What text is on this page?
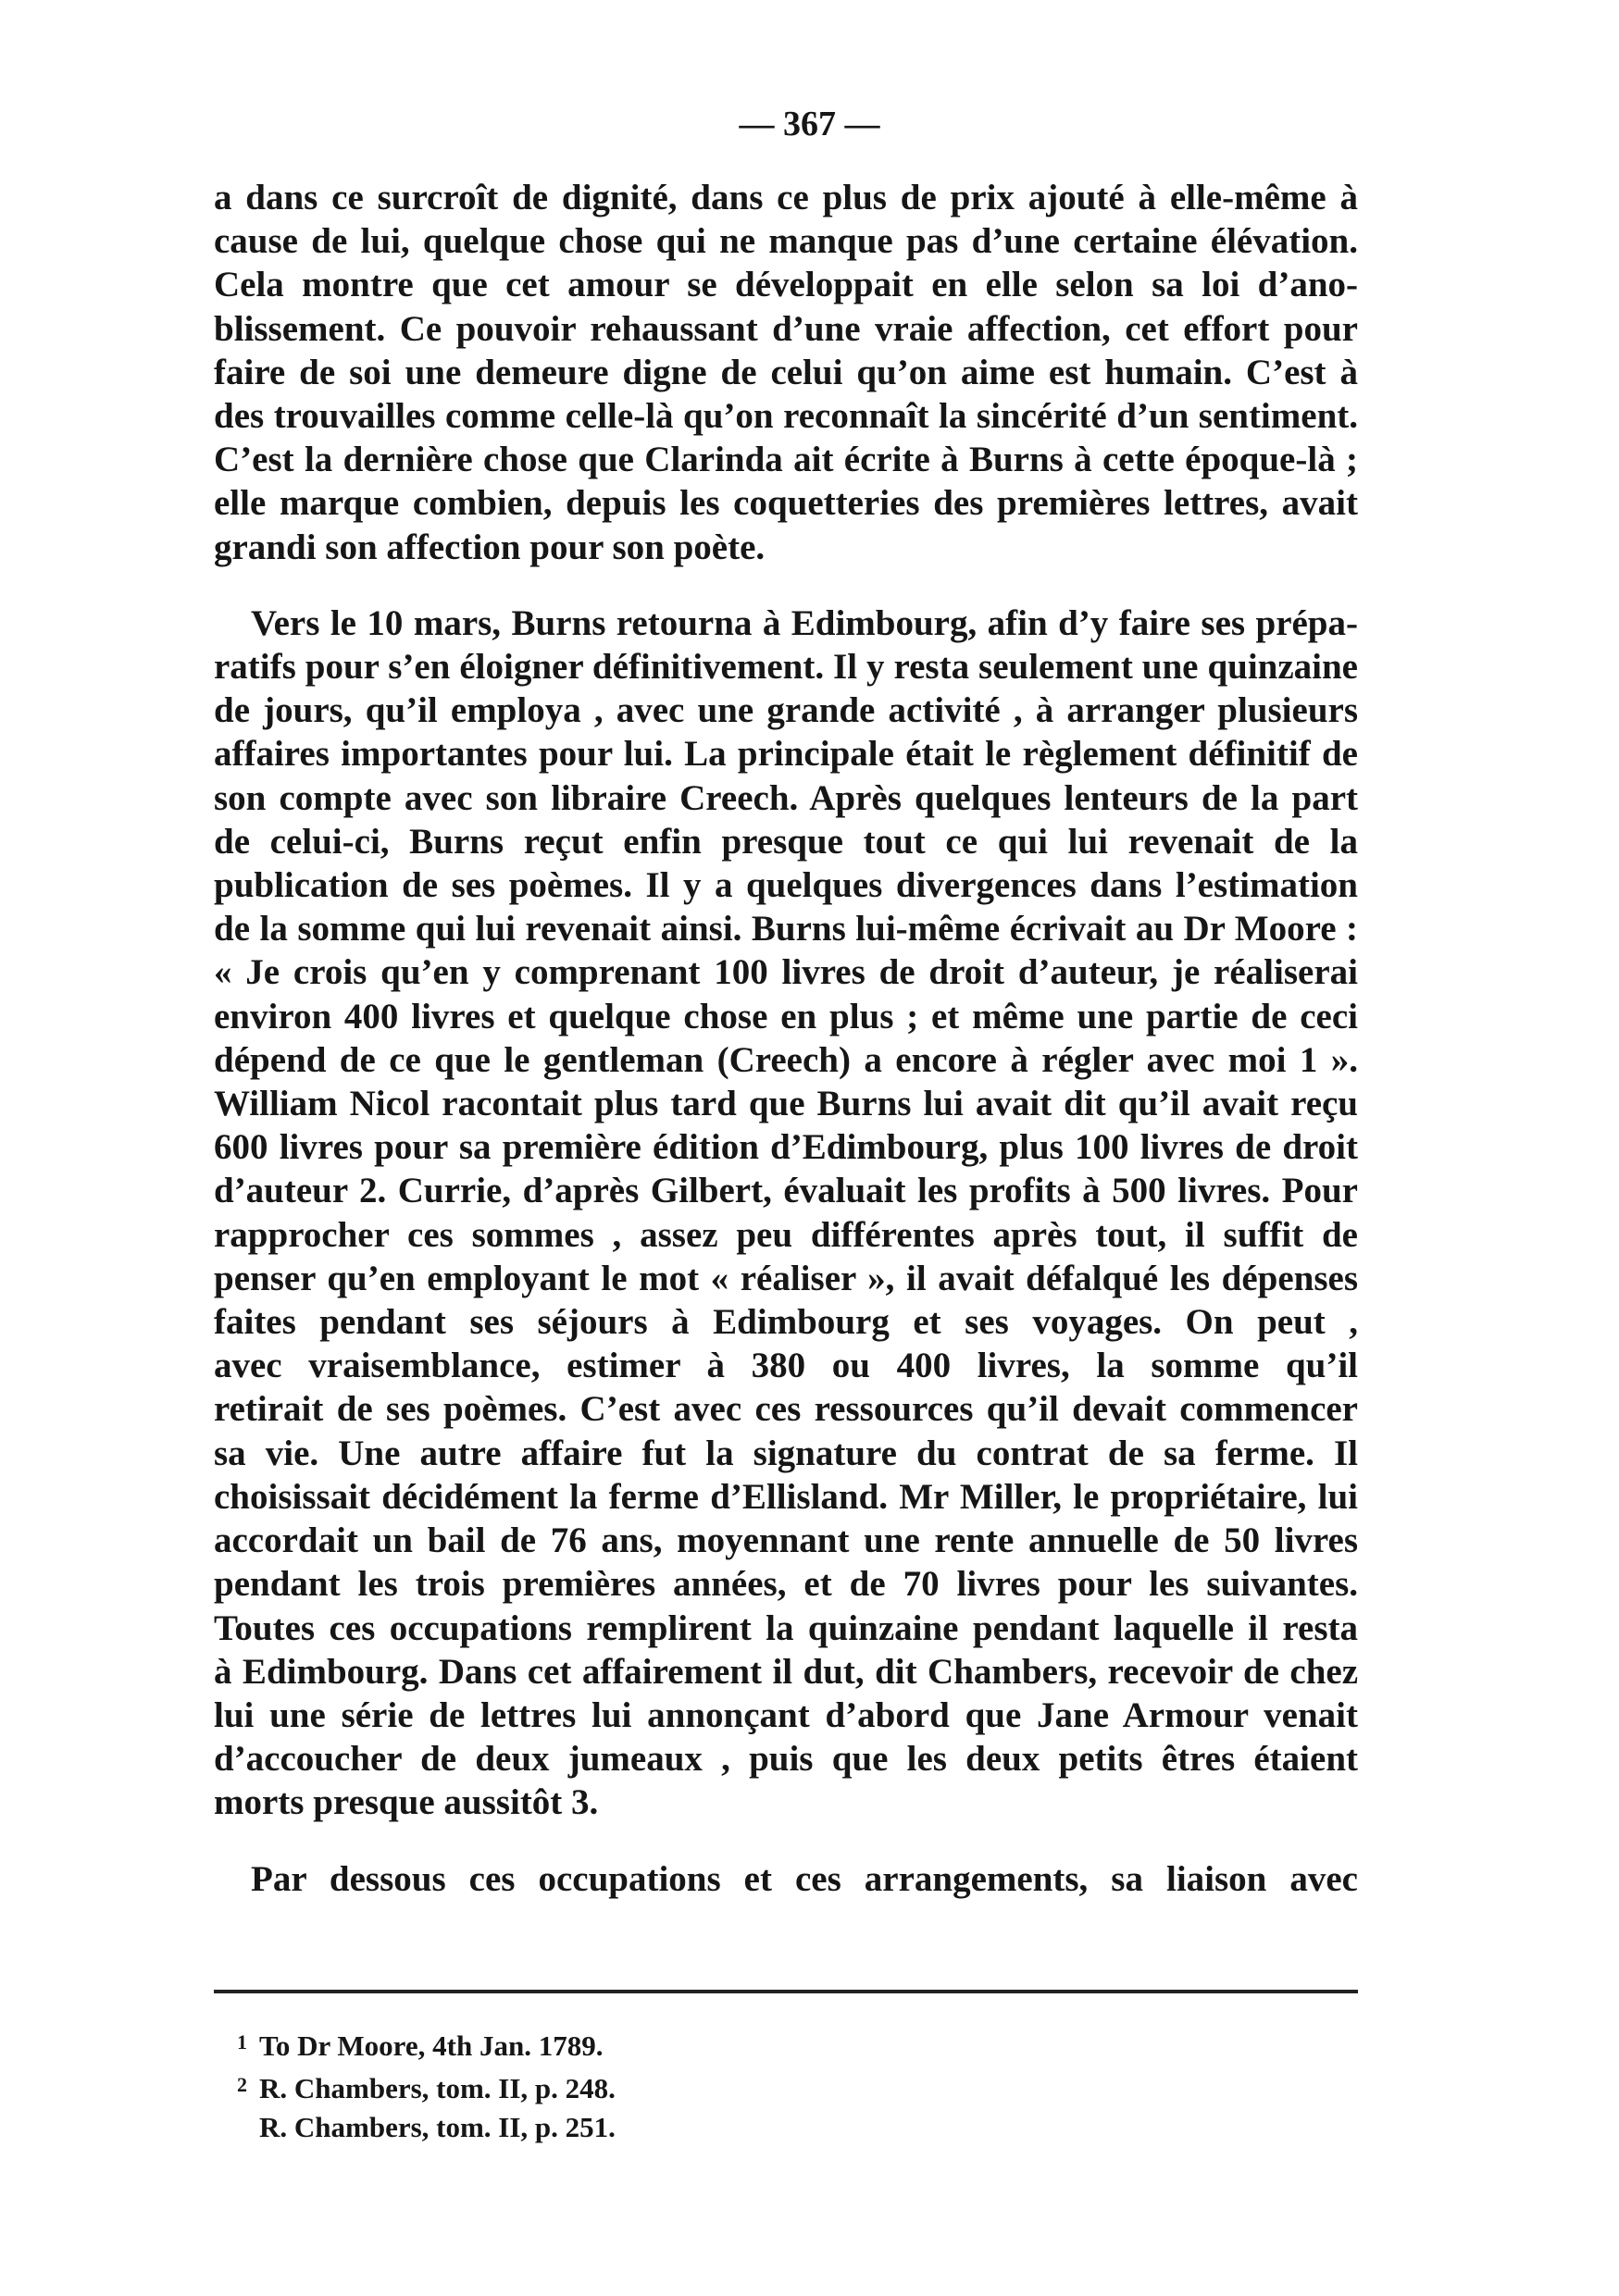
— 367 —
a dans ce surcroît de dignité, dans ce plus de prix ajouté à elle-même à
cause de lui, quelque chose qui ne manque pas d’une certaine élévation.
Cela montre que cet amour se développait en elle selon sa loi d’ano-
blissement. Ce pouvoir rehaussant d’une vraie affection, cet effort pour
faire de soi une demeure digne de celui qu’on aime est humain. C’est à
des trouvailles comme celle-là qu’on reconnaît la sincérité d’un sentiment.
C’est la dernière chose que Clarinda ait écrite à Burns à cette époque-là ;
elle marque combien, depuis les coquetteries des premières lettres, avait
grandi son affection pour son poète.
Vers le 10 mars, Burns retourna à Edimbourg, afin d’y faire ses prépa-
ratifs pour s’en éloigner définitivement. Il y resta seulement une quinzaine
de jours, qu’il employa , avec une grande activité , à arranger plusieurs
affaires importantes pour lui. La principale était le règlement définitif de
son compte avec son libraire Creech. Après quelques lenteurs de la part
de celui-ci, Burns reçut enfin presque tout ce qui lui revenait de la
publication de ses poèmes. Il y a quelques divergences dans l’estimation
de la somme qui lui revenait ainsi. Burns lui-même écrivait au Dr Moore :
« Je crois qu’en y comprenant 100 livres de droit d’auteur, je réaliserai
environ 400 livres et quelque chose en plus ; et même une partie de ceci
dépend de ce que le gentleman (Creech) a encore à régler avec moi 1 ».
William Nicol racontait plus tard que Burns lui avait dit qu’il avait reçu
600 livres pour sa première édition d’Edimbourg, plus 100 livres de droit
d’auteur 2. Currie, d’après Gilbert, évaluait les profits à 500 livres. Pour
rapprocher ces sommes , assez peu différentes après tout, il suffit de
penser qu’en employant le mot « réaliser », il avait défalqué les dépenses
faites pendant ses séjours à Edimbourg et ses voyages. On peut ,
avec vraisemblance, estimer à 380 ou 400 livres, la somme qu’il
retirait de ses poèmes. C’est avec ces ressources qu’il devait commencer
sa vie. Une autre affaire fut la signature du contrat de sa ferme. Il
choisissait décidément la ferme d’Ellisland. Mr Miller, le propriétaire, lui
accordait un bail de 76 ans, moyennant une rente annuelle de 50 livres
pendant les trois premières années, et de 70 livres pour les suivantes.
Toutes ces occupations remplirent la quinzaine pendant laquelle il resta
à Edimbourg. Dans cet affairement il dut, dit Chambers, recevoir de chez
lui une série de lettres lui annonçant d’abord que Jane Armour venait
d’accoucher de deux jumeaux , puis que les deux petits êtres étaient
morts presque aussitôt 3.
Par dessous ces occupations et ces arrangements, sa liaison avec
1 To Dr Moore, 4th Jan. 1789.
2 R. Chambers, tom. II, p. 248.
R. Chambers, tom. II, p. 251.
